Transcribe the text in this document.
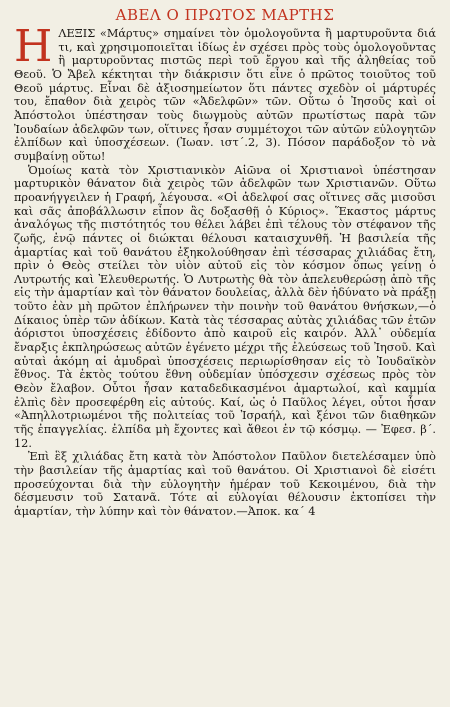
ΑΒΕΛ Ο ΠΡΩΤΟΣ ΜΑΡΤΗΣ

ΗΛΕΞΙΣ «Μάρτυς» σημαίνει τὸν ὁμολογοῦντα ἢ μαρτυροῦντα διά τι, καὶ χρησιμοποιεῖται ἰδίως ἐν σχέσει πρὸς τοὺς ὁμολογοῦντας ἢ μαρτυροῦντας πιστῶς περὶ τοῦ ἔργου καὶ τῆς ἀληθείας τοῦ Θεοῦ. Ὁ Ἄβελ κέκτηται τὴν διάκρισιν ὅτι εἶνε ὁ πρῶτος τοιοῦτος τοῦ Θεοῦ μάρτυς. Εἶναι δὲ ἀξιοσημείωτον ὅτι πάντες σχεδὸν οἱ μάρτυρές του, ἔπαθον διὰ χειρὸς τῶν «Ἀδελφῶν» τῶν. Οὕτω ὁ Ἰησοῦς καὶ οἱ Ἀπόστολοι ὑπέστησαν τοὺς διωγμοὺς αὐτῶν πρωτίστως παρὰ τῶν Ἰουδαίων ἀδελφῶν των, οἵτινες ἦσαν συμμέτοχοι τῶν αὐτῶν εὐλογητῶν ἐλπίδων καὶ ὑποσχέσεων. (Ἰωαν. ιστ΄.2, 3). Πόσον παράδοξον τὸ νὰ συμβαίνῃ οὕτω!

Ὁμοίως κατὰ τὸν Χριστιανικὸν Αἰῶνα οἱ Χριστιανοὶ ὑπέστησαν μαρτυρικὸν θάνατον διὰ χειρὸς τῶν ἀδελφῶν των Χριστιανῶν. Οὕτω προανήγγειλεν ἡ Γραφή, λέγουσα. «Οἱ ἀδελφοί σας οἵτινες σᾶς μισοῦσι καὶ σᾶς ἀποβάλλωσιν εἶπον ἂς δοξασθῇ ὁ Κύριος». Ἕκαστος μάρτυς ἀναλόγως τῆς πιστότητός του θέλει λάβει ἐπὶ τέλους τὸν στέφανον τῆς ζωῆς, ἐνῷ πάντες οἱ διώκται θέλουσι καταισχυνθῆ. Ἡ βασιλεία τῆς ἁμαρτίας καὶ τοῦ θανάτου ἐξηκολούθησαν ἐπὶ τέσσαρας χιλιάδας ἔτη, πρὶν ὁ Θεὸς στείλει τὸν υἱὸν αὐτοῦ εἰς τὸν κόσμον ὅπως γείνῃ ὁ Λυτρωτής καὶ Ἐλευθερωτής. Ὁ Λυτρωτὴς θὰ τὸν ἀπελευθερώσῃ ἀπὸ τῆς εἰς τὴν ἁμαρτίαν καὶ τὸν θάνατον δουλείας, ἀλλὰ δὲν ἠδύνατο νὰ πράξῃ τοῦτο ἐὰν μὴ πρῶτον ἐπλήρωνεν τὴν ποινὴν τοῦ θανάτου θνήσκων,—ὁ Δίκαιος ὑπὲρ τῶν ἀδίκων. Κατὰ τὰς τέσσαρας αὐτὰς χιλιάδας τῶν ἐτῶν ἀόριστοι ὑποσχέσεις ἐδίδοντο ἀπὸ καιροῦ εἰς καιρόν. Ἀλλ᾽ οὐδεμία ἔναρξις ἐκπληρώσεως αὐτῶν ἐγένετο μέχρι τῆς ἐλεύσεως τοῦ Ἰησοῦ. Καὶ αὐταὶ ἀκόμη αἱ ἀμυδραὶ ὑποσχέσεις περιωρίσθησαν εἰς τὸ Ἰουδαϊκὸν ἔθνος. Τὰ ἐκτὸς τούτου ἔθνη οὐδεμίαν ὑπόσχεσιν σχέσεως πρὸς τὸν Θεὸν ἔλαβον. Οὗτοι ἦσαν καταδεδικασμένοι ἁμαρτωλοί, καὶ καμμία ἐλπὶς δὲν προσεφέρθη εἰς αὐτούς. Καί, ὡς ὁ Παῦλος λέγει, οὗτοι ἦσαν «Ἀπηλλοτριωμένοι τῆς πολιτείας τοῦ Ἰσραήλ, καὶ ξένοι τῶν διαθηκῶν τῆς ἐπαγγελίας. ἐλπίδα μὴ ἔχοντες καὶ ἄθεοι ἐν τῷ κόσμῳ. — Ἐφεσ. β΄. 12.

Ἐπὶ ἓξ χιλιάδας ἔτη κατὰ τὸν Ἀπόστολον Παῦλον διετελέσαμεν ὑπὸ τὴν βασιλείαν τῆς ἁμαρτίας καὶ τοῦ θανάτου. Οἱ Χριστιανοὶ δὲ εἰσέτι προσεύχονται διὰ τὴν εὐλογητὴν ἡμέραν τοῦ Κεκοιμένου, διὰ τὴν δέσμευσιν τοῦ Σατανᾶ. Τότε αἱ εὐλογίαι θέλουσιν ἐκτοπίσει τὴν ἁμαρτίαν, τὴν λύπην καὶ τὸν θάνατον.—Ἀποκ. κα΄ 4
